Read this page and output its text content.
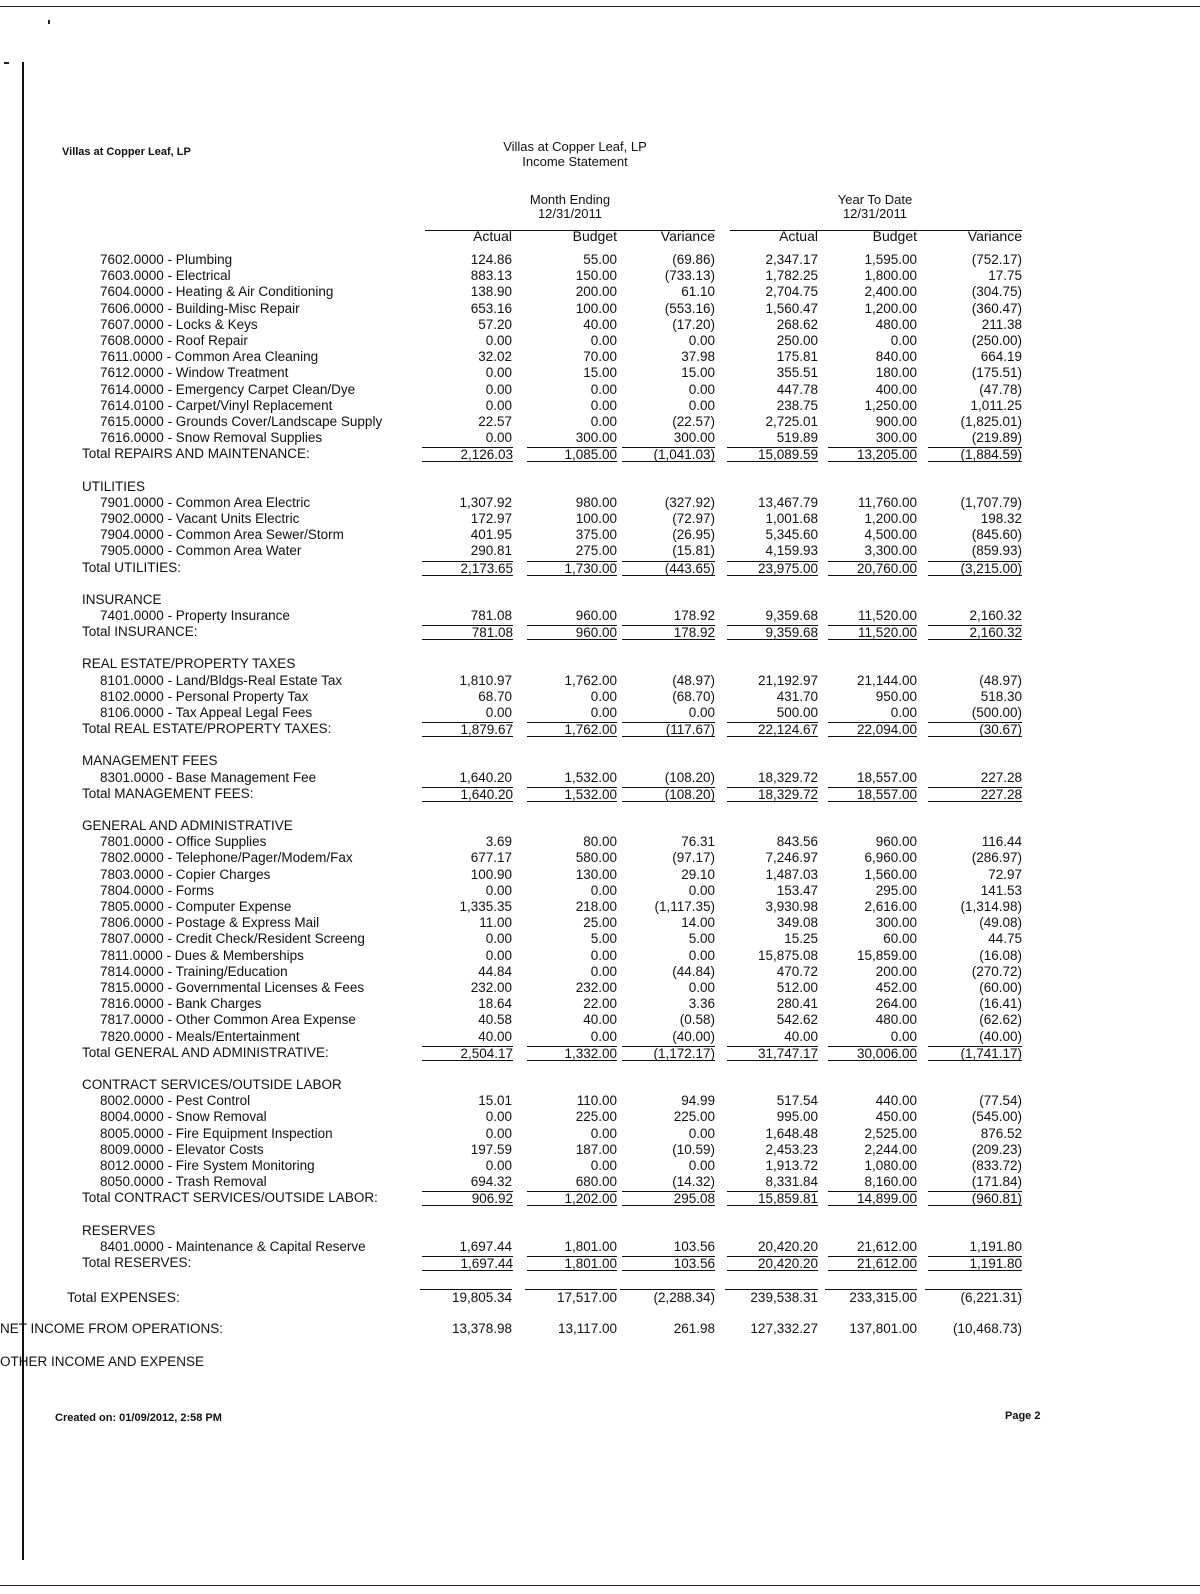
Villas at Copper Leaf, LP	Villas at Copper Leaf, LP
Income Statement
Month Ending
12/31/2011
Year To Date
12/31/2011
Actual	Budget	Variance	Actual	Budget	Variance
7602.0000 - Plumbing	124.86	55.00	(69.86)	2,347.17	1,595.00	(752.17)
7603.0000 - Electrical	883.13	150.00	(733.13)	1,782.25	1,800.00	17.75
7604.0000 - Heating & Air Conditioning	138.90	200.00	61.10	2,704.75	2,400.00	(304.75)
7606.0000 - Building-Misc Repair	653.16	100.00	(553.16)	1,560.47	1,200.00	(360.47)
7607.0000 - Locks & Keys	57.20	40.00	(17.20)	268.62	480.00	211.38
7608.0000 - Roof Repair	0.00	0.00	0.00	250.00	0.00	(250.00)
7611.0000 - Common Area Cleaning	32.02	70.00	37.98	175.81	840.00	664.19
7612.0000 - Window Treatment	0.00	15.00	15.00	355.51	180.00	(175.51)
7614.0000 - Emergency Carpet Clean/Dye	0.00	0.00	0.00	447.78	400.00	(47.78)
7614.0100 - Carpet/Vinyl Replacement	0.00	0.00	0.00	238.75	1,250.00	1,011.25
7615.0000 - Grounds Cover/Landscape Supply	22.57	0.00	(22.57)	2,725.01	900.00	(1,825.01)
7616.0000 - Snow Removal Supplies	0.00	300.00	300.00	519.89	300.00	(219.89)
Total REPAIRS AND MAINTENANCE:	2,126.03	1,085.00	(1,041.03)	15,089.59	13,205.00	(1,884.59)
UTILITIES
7901.0000 - Common Area Electric	1,307.92	980.00	(327.92)	13,467.79	11,760.00	(1,707.79)
7902.0000 - Vacant Units Electric	172.97	100.00	(72.97)	1,001.68	1,200.00	198.32
7904.0000 - Common Area Sewer/Storm	401.95	375.00	(26.95)	5,345.60	4,500.00	(845.60)
7905.0000 - Common Area Water	290.81	275.00	(15.81)	4,159.93	3,300.00	(859.93)
Total UTILITIES:	2,173.65	1,730.00	(443.65)	23,975.00	20,760.00	(3,215.00)
INSURANCE
7401.0000 - Property Insurance	781.08	960.00	178.92	9,359.68	11,520.00	2,160.32
Total INSURANCE:	781.08	960.00	178.92	9,359.68	11,520.00	2,160.32
REAL ESTATE/PROPERTY TAXES
8101.0000 - Land/Bldgs-Real Estate Tax	1,810.97	1,762.00	(48.97)	21,192.97	21,144.00	(48.97)
8102.0000 - Personal Property Tax	68.70	0.00	(68.70)	431.70	950.00	518.30
8106.0000 - Tax Appeal Legal Fees	0.00	0.00	0.00	500.00	0.00	(500.00)
Total REAL ESTATE/PROPERTY TAXES:	1,879.67	1,762.00	(117.67)	22,124.67	22,094.00	(30.67)
MANAGEMENT FEES
8301.0000 - Base Management Fee	1,640.20	1,532.00	(108.20)	18,329.72	18,557.00	227.28
Total MANAGEMENT FEES:	1,640.20	1,532.00	(108.20)	18,329.72	18,557.00	227.28
GENERAL AND ADMINISTRATIVE
7801.0000 - Office Supplies	3.69	80.00	76.31	843.56	960.00	116.44
7802.0000 - Telephone/Pager/Modem/Fax	677.17	580.00	(97.17)	7,246.97	6,960.00	(286.97)
7803.0000 - Copier Charges	100.90	130.00	29.10	1,487.03	1,560.00	72.97
7804.0000 - Forms	0.00	0.00	0.00	153.47	295.00	141.53
7805.0000 - Computer Expense	1,335.35	218.00	(1,117.35)	3,930.98	2,616.00	(1,314.98)
7806.0000 - Postage & Express Mail	11.00	25.00	14.00	349.08	300.00	(49.08)
7807.0000 - Credit Check/Resident Screeng	0.00	5.00	5.00	15.25	60.00	44.75
7811.0000 - Dues & Memberships	0.00	0.00	0.00	15,875.08	15,859.00	(16.08)
7814.0000 - Training/Education	44.84	0.00	(44.84)	470.72	200.00	(270.72)
7815.0000 - Governmental Licenses & Fees	232.00	232.00	0.00	512.00	452.00	(60.00)
7816.0000 - Bank Charges	18.64	22.00	3.36	280.41	264.00	(16.41)
7817.0000 - Other Common Area Expense	40.58	40.00	(0.58)	542.62	480.00	(62.62)
7820.0000 - Meals/Entertainment	40.00	0.00	(40.00)	40.00	0.00	(40.00)
Total GENERAL AND ADMINISTRATIVE:	2,504.17	1,332.00	(1,172.17)	31,747.17	30,006.00	(1,741.17)
CONTRACT SERVICES/OUTSIDE LABOR
8002.0000 - Pest Control	15.01	110.00	94.99	517.54	440.00	(77.54)
8004.0000 - Snow Removal	0.00	225.00	225.00	995.00	450.00	(545.00)
8005.0000 - Fire Equipment Inspection	0.00	0.00	0.00	1,648.48	2,525.00	876.52
8009.0000 - Elevator Costs	197.59	187.00	(10.59)	2,453.23	2,244.00	(209.23)
8012.0000 - Fire System Monitoring	0.00	0.00	0.00	1,913.72	1,080.00	(833.72)
8050.0000 - Trash Removal	694.32	680.00	(14.32)	8,331.84	8,160.00	(171.84)
Total CONTRACT SERVICES/OUTSIDE LABOR:	906.92	1,202.00	295.08	15,859.81	14,899.00	(960.81)
RESERVES
8401.0000 - Maintenance & Capital Reserve	1,697.44	1,801.00	103.56	20,420.20	21,612.00	1,191.80
Total RESERVES:	1,697.44	1,801.00	103.56	20,420.20	21,612.00	1,191.80
Total EXPENSES:	19,805.34	17,517.00	(2,288.34)	239,538.31	233,315.00	(6,221.31)
NET INCOME FROM OPERATIONS:	13,378.98	13,117.00	261.98	127,332.27	137,801.00	(10,468.73)
OTHER INCOME AND EXPENSE
Created on: 01/09/2012, 2:58 PM	Page 2
